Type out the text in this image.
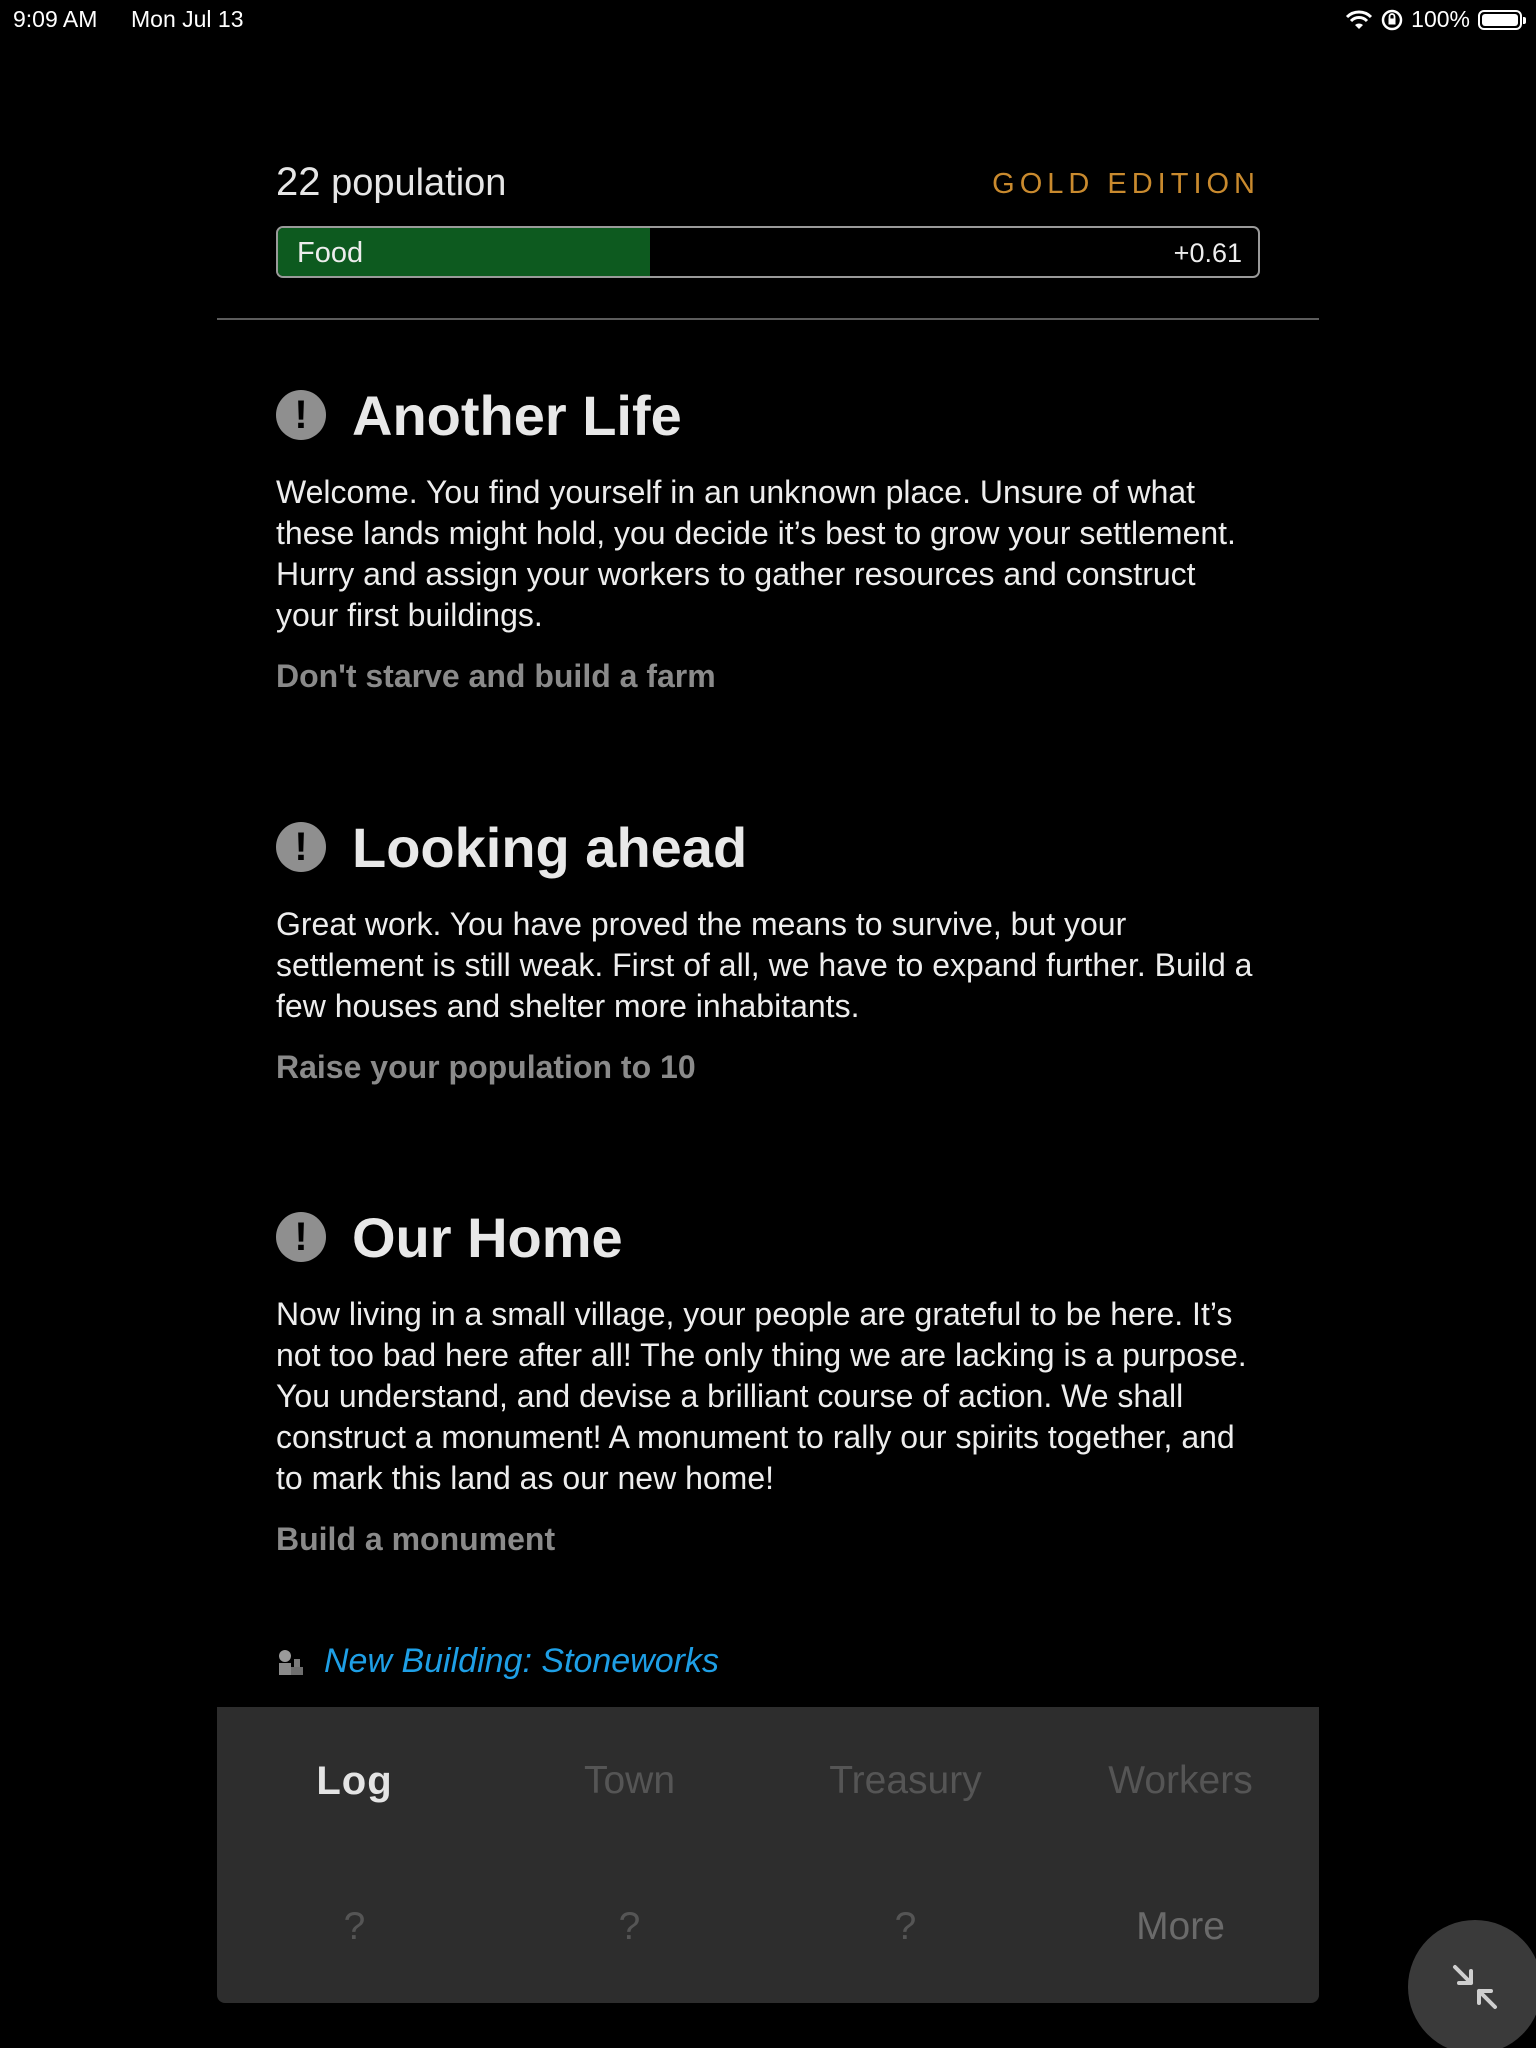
9:09 AM Mon Jul 13	100%
22 population	GOLD EDITION
Food	+0.61
! Another Life
Welcome. You find yourself in an unknown place. Unsure of what these lands might hold, you decide it’s best to grow your settlement. Hurry and assign your workers to gather resources and construct your first buildings.
Don't starve and build a farm
! Looking ahead
Great work. You have proved the means to survive, but your settlement is still weak. First of all, we have to expand further. Build a few houses and shelter more inhabitants.
Raise your population to 10
! Our Home
Now living in a small village, your people are grateful to be here. It’s not too bad here after all! The only thing we are lacking is a purpose. You understand, and devise a brilliant course of action. We shall construct a monument! A monument to rally our spirits together, and to mark this land as our new home!
Build a monument
New Building: Stoneworks
Log	Town	Treasury	Workers
?	?	?	More
